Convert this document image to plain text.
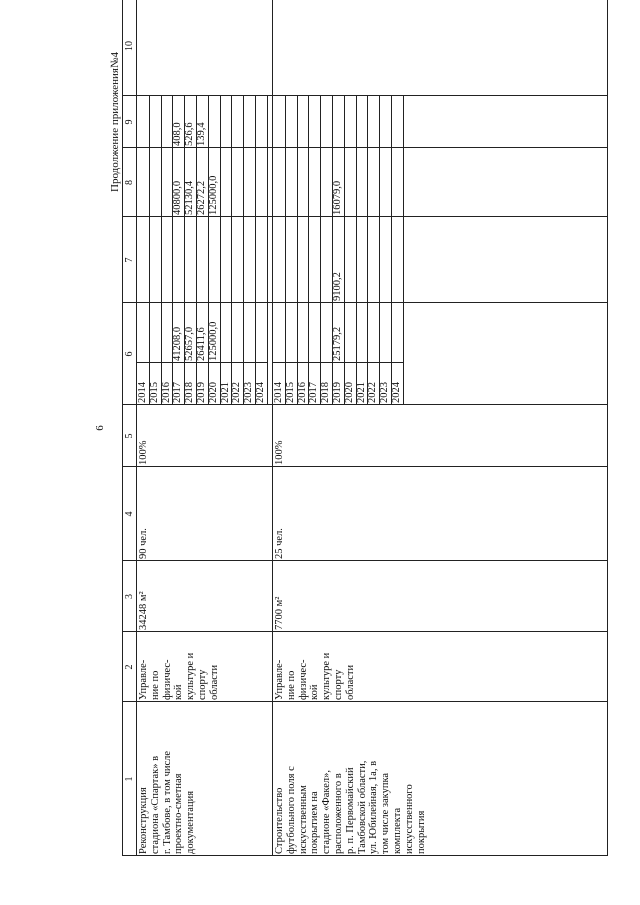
6
Продолжение приложения№4
1
2
3
4
5
6
7
8
9
10
Реконструкция стадиона «Спартак» в г. Тамбове, в том числе проектно-сметная документация
Управле- ние по физичес- кой культуре и спорту области
34248 м²
90 чел.
100%
2014 2015 2016 2017 2018 2019 2020 2021 2022 2023 2024
41208,0 52657,0 26411,6 125000,0
40800,0 52130,4 26272,2 125000,0
408,0 526,6 139,4
Строительство футбольного поля с искусственным покрытием на стадионе «Факел», расположенного в р. п. Первомайский Тамбовской области, ул. Юбилейная, 1а, в том числе закупка комплекта искусственного покрытия
Управле- ние по физичес- кой культуре и спорту области
7700 м²
25 чел.
100%
2014 2015 2016 2017 2018 2019 2020 2021 2022 2023 2024
25179,2
9100,2
16079,0
